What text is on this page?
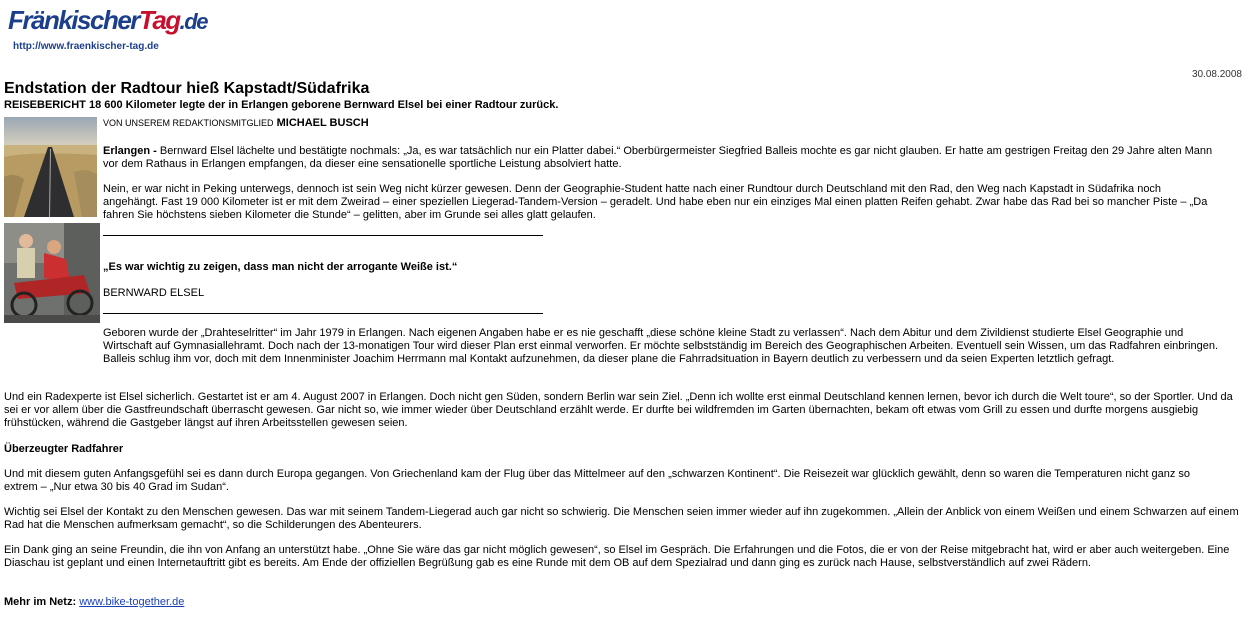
FränkischerTag.de
http://www.fraenkischer-tag.de
30.08.2008
Endstation der Radtour hieß Kapstadt/Südafrika
REISEBERICHT 18 600 Kilometer legte der in Erlangen geborene Bernward Elsel bei einer Radtour zurück.
VON UNSEREM REDAKTIONSMITGLIED MICHAEL BUSCH

Erlangen - Bernward Elsel lächelte und bestätigte nochmals: „Ja, es war tatsächlich nur ein Platter dabei.“ Oberbürgermeister Siegfried Balleis mochte es gar nicht glauben. Er hatte am gestrigen Freitag den 29 Jahre alten Mann vor dem Rathaus in Erlangen empfangen, da dieser eine sensationelle sportliche Leistung absolviert hatte.

Nein, er war nicht in Peking unterwegs, dennoch ist sein Weg nicht kürzer gewesen. Denn der Geographie-Student hatte nach einer Rundtour durch Deutschland mit den Rad, den Weg nach Kapstadt in Südafrika noch angehängt. Fast 19 000 Kilometer ist er mit dem Zweirad – einer speziellen Liegerad-Tandem-Version – geradelt. Und habe eben nur ein einziges Mal einen platten Reifen gehabt. Zwar habe das Rad bei so mancher Piste – „Da fahren Sie höchstens sieben Kilometer die Stunde“ – gelitten, aber im Grunde sei alles glatt gelaufen.

„Es war wichtig zu zeigen, dass man nicht der arrogante Weiße ist.“
BERNWARD ELSEL

Geboren wurde der „Drahteselritter“ im Jahr 1979 in Erlangen. Nach eigenen Angaben habe er es nie geschafft „diese schöne kleine Stadt zu verlassen“. Nach dem Abitur und dem Zivildienst studierte Elsel Geographie und Wirtschaft auf Gymnasiallehramt. Doch nach der 13-monatigen Tour wird dieser Plan erst einmal verworfen. Er möchte selbstständig im Bereich des Geographischen Arbeiten. Eventuell sein Wissen, um das Radfahren einbringen. Balleis schlug ihm vor, doch mit dem Innenminister Joachim Herrmann mal Kontakt aufzunehmen, da dieser plane die Fahrradsituation in Bayern deutlich zu verbessern und da seien Experten letztlich gefragt.

Und ein Radexperte ist Elsel sicherlich. Gestartet ist er am 4. August 2007 in Erlangen. Doch nicht gen Süden, sondern Berlin war sein Ziel. „Denn ich wollte erst einmal Deutschland kennen lernen, bevor ich durch die Welt toure“, so der Sportler. Und da sei er vor allem über die Gastfreundschaft überrascht gewesen. Gar nicht so, wie immer wieder über Deutschland erzählt werde. Er durfte bei wildfremden im Garten übernachten, bekam oft etwas vom Grill zu essen und durfte morgens ausgiebig frühstücken, während die Gastgeber längst auf ihren Arbeitsstellen gewesen seien.

Überzeugter Radfahrer

Und mit diesem guten Anfangsgefühl sei es dann durch Europa gegangen. Von Griechenland kam der Flug über das Mittelmeer auf den „schwarzen Kontinent“. Die Reisezeit war glücklich gewählt, denn so waren die Temperaturen nicht ganz so extrem – „Nur etwa 30 bis 40 Grad im Sudan“.

Wichtig sei Elsel der Kontakt zu den Menschen gewesen. Das war mit seinem Tandem-Liegerad auch gar nicht so schwierig. Die Menschen seien immer wieder auf ihn zugekommen. „Allein der Anblick von einem Weißen und einem Schwarzen auf einem Rad hat die Menschen aufmerksam gemacht“, so die Schilderungen des Abenteurers.

Ein Dank ging an seine Freundin, die ihn von Anfang an unterstützt habe. „Ohne Sie wäre das gar nicht möglich gewesen“, so Elsel im Gespräch. Die Erfahrungen und die Fotos, die er von der Reise mitgebracht hat, wird er aber auch weitergeben. Eine Diaschau ist geplant und einen Internetauftritt gibt es bereits. Am Ende der offiziellen Begrüßung gab es eine Runde mit dem OB auf dem Spezialrad und dann ging es zurück nach Hause, selbstverständlich auf zwei Rädern.

Mehr im Netz: www.bike-together.de
